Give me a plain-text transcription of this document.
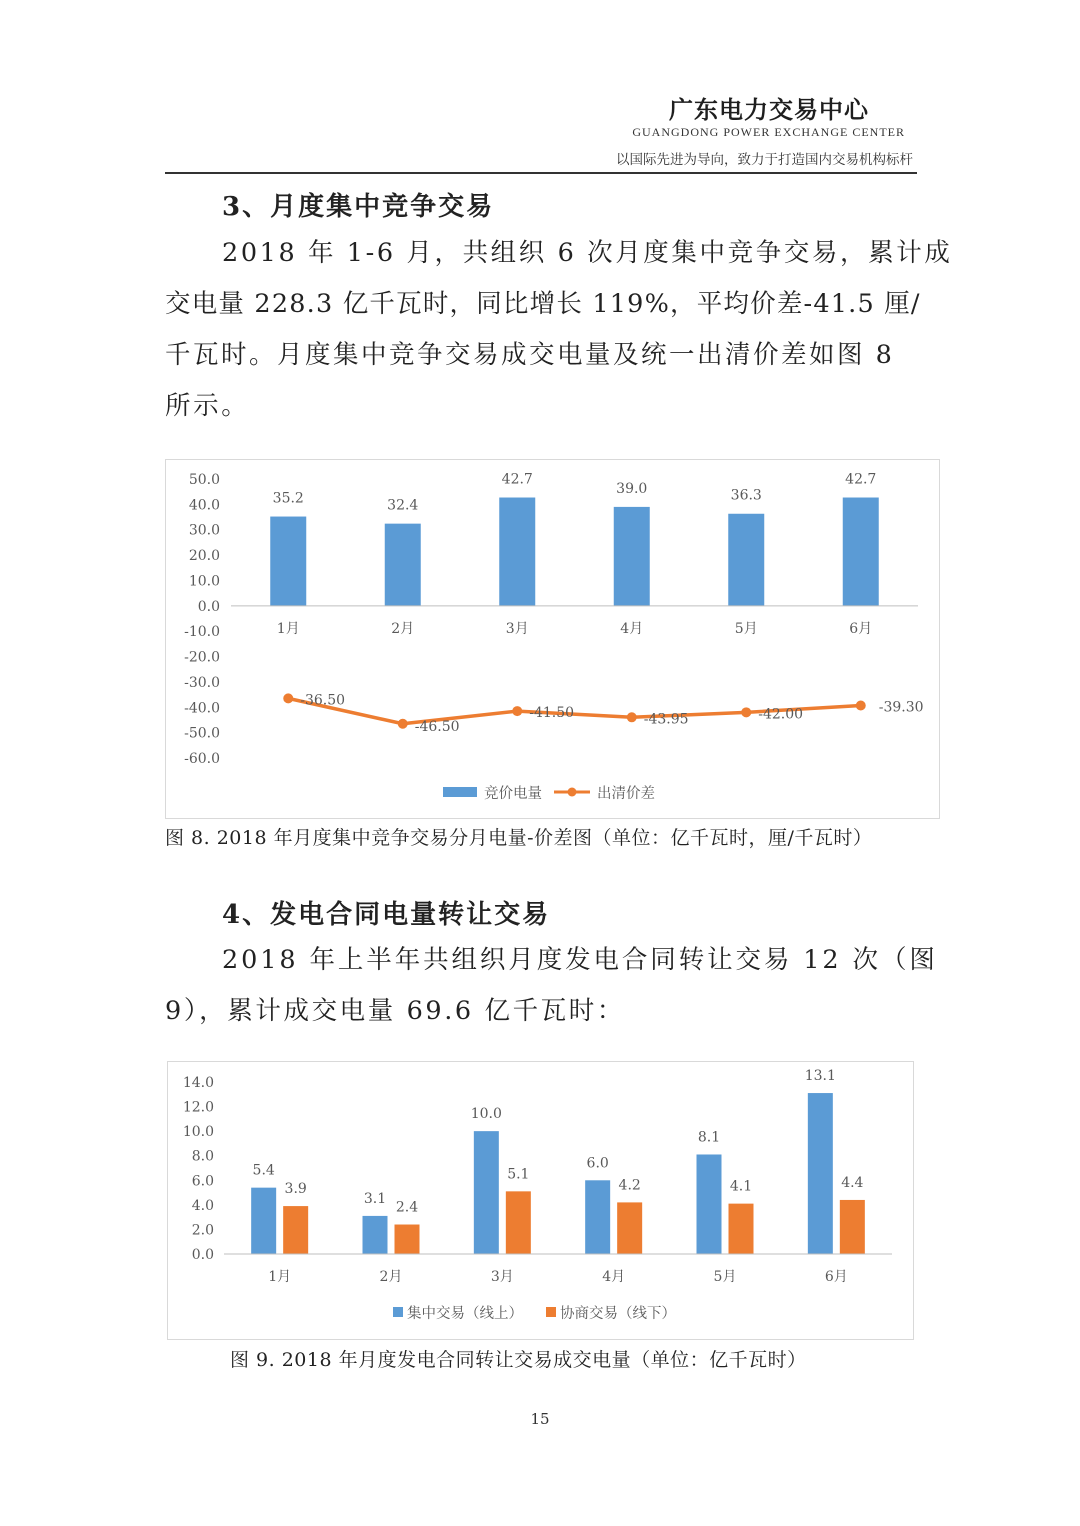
广东电力交易中心
GUANGDONG POWER EXCHANGE CENTER
以国际先进为导向，致力于打造国内交易机构标杆
3、月度集中竞争交易
2018 年 1-6 月，共组织 6 次月度集中竞争交易，累计成
交电量 228.3 亿千瓦时，同比增长 119%，平均价差-41.5 厘/
千瓦时。月度集中竞争交易成交电量及统一出清价差如图 8
所示。
50.0
40.0
30.0
20.0
10.0
0.0
-10.0
-20.0
-30.0
-40.0
-50.0
-60.0
35.2	32.4
42.7
39.0	36.3
42.7
1月	2月	3月	4月	5月	6月
-36.50
-46.50
-41.50	-43.95	-42.00	-39.30
竞价电量	出清价差
图 8. 2018 年月度集中竞争交易分月电量-价差图（单位：亿千瓦时，厘/千瓦时）
4、发电合同电量转让交易
2018 年上半年共组织月度发电合同转让交易 12 次（图
9），累计成交电量 69.6 亿千瓦时：
14.0
12.0
10.0
8.0
6.0
4.0
2.0
0.0
5.4
3.1
10.0
6.0
8.1
13.1
3.9
2.4
5.1
4.2	4.1	4.4
1月	2月	3月	4月	5月	6月
集中交易（线上）	协商交易（线下）
图 9. 2018 年月度发电合同转让交易成交电量（单位：亿千瓦时）
15
